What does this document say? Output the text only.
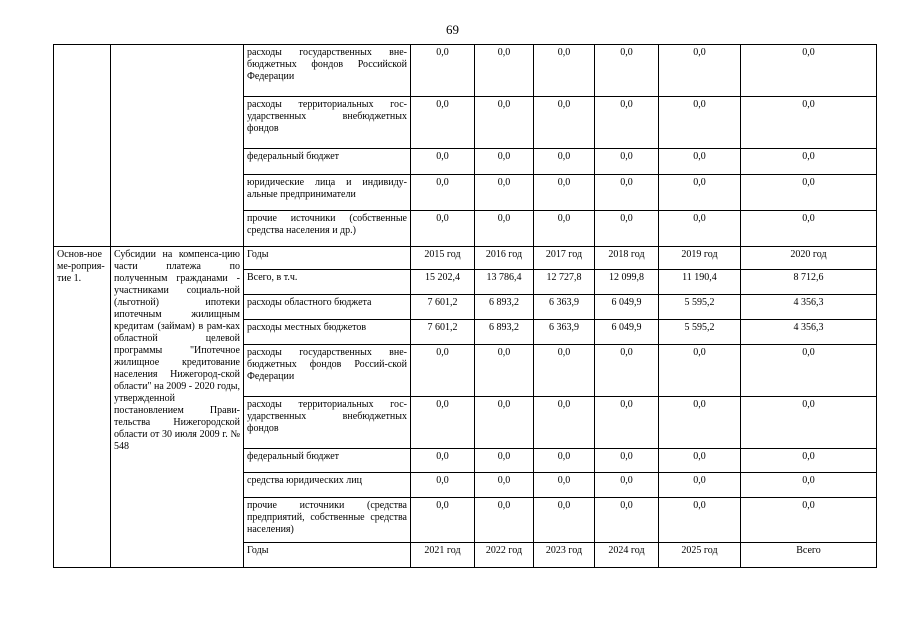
69
		расходы государственных вне-бюджетных фондов Российской Федерации	0,0	0,0	0,0	0,0	0,0	0,0
		расходы территориальных гос-ударственных внебюджетных фондов	0,0	0,0	0,0	0,0	0,0	0,0
		федеральный бюджет	0,0	0,0	0,0	0,0	0,0	0,0
		юридические лица и индивиду-альные предприниматели	0,0	0,0	0,0	0,0	0,0	0,0
		прочие источники (собственные средства населения и др.)	0,0	0,0	0,0	0,0	0,0	0,0
Основ-ное ме-роприя-тие 1.	Субсидии на компенса-цию части платежа по полученным гражданами - участниками социаль-ной (льготной) ипотеки ипотечным жилищным кредитам (займам) в рам-ках областной целевой программы "Ипотечное жилищное кредитование населения Нижегород-ской области" на 2009 - 2020 годы, утвержденной постановлением Прави-тельства Нижегородской области от 30 июля 2009 г. № 548	Годы	2015 год	2016 год	2017 год	2018 год	2019 год	2020 год
		Всего, в т.ч.	15 202,4	13 786,4	12 727,8	12 099,8	11 190,4	8 712,6
		расходы областного бюджета	7 601,2	6 893,2	6 363,9	6 049,9	5 595,2	4 356,3
		расходы местных бюджетов	7 601,2	6 893,2	6 363,9	6 049,9	5 595,2	4 356,3
		расходы государственных вне-бюджетных фондов Россий-ской Федерации	0,0	0,0	0,0	0,0	0,0	0,0
		расходы территориальных гос-ударственных внебюджетных фондов	0,0	0,0	0,0	0,0	0,0	0,0
		федеральный бюджет	0,0	0,0	0,0	0,0	0,0	0,0
		средства юридических лиц	0,0	0,0	0,0	0,0	0,0	0,0
		прочие источники (средства предприятий, собственные средства населения)	0,0	0,0	0,0	0,0	0,0	0,0
		Годы	2021 год	2022 год	2023 год	2024 год	2025 год	Всего
